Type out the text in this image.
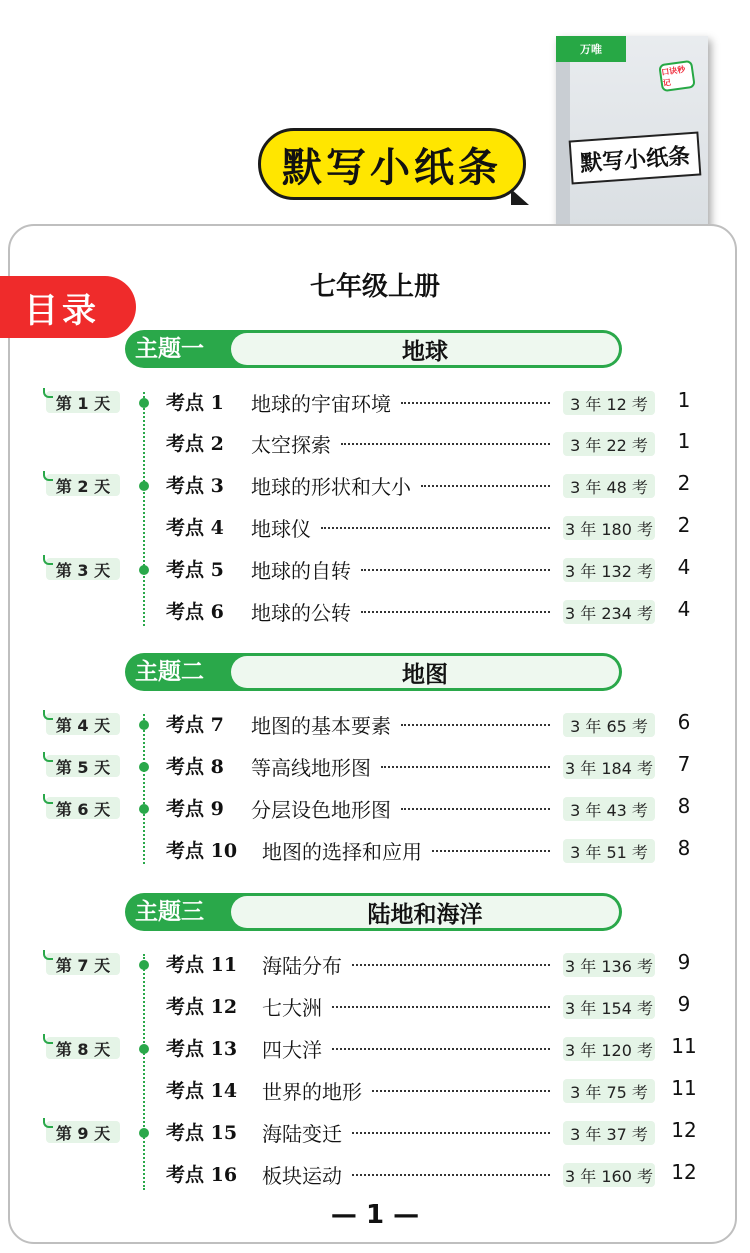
默写小纸条
万唯
口诀秒记
默写小纸条
目录
七年级上册
主题一	地球
主题二	地图
主题三	陆地和海洋
第 1 天	考点 1 地球的宇宙环境	3 年 12 考	1
考点 2 太空探索	3 年 22 考	1
第 2 天	考点 3 地球的形状和大小	3 年 48 考	2
考点 4 地球仪	3 年 180 考	2
第 3 天	考点 5 地球的自转	3 年 132 考	4
考点 6 地球的公转	3 年 234 考	4
第 4 天	考点 7 地图的基本要素	3 年 65 考	6
第 5 天	考点 8 等高线地形图	3 年 184 考	7
第 6 天	考点 9 分层设色地形图	3 年 43 考	8
考点 10 地图的选择和应用	3 年 51 考	8
第 7 天	考点 11 海陆分布	3 年 136 考	9
考点 12 七大洲	3 年 154 考	9
第 8 天	考点 13 四大洋	3 年 120 考 11
考点 14 世界的地形	3 年 75 考	11
第 9 天	考点 15 海陆变迁	3 年 37 考	12
考点 16 板块运动	3 年 160 考 12
— 1 —
